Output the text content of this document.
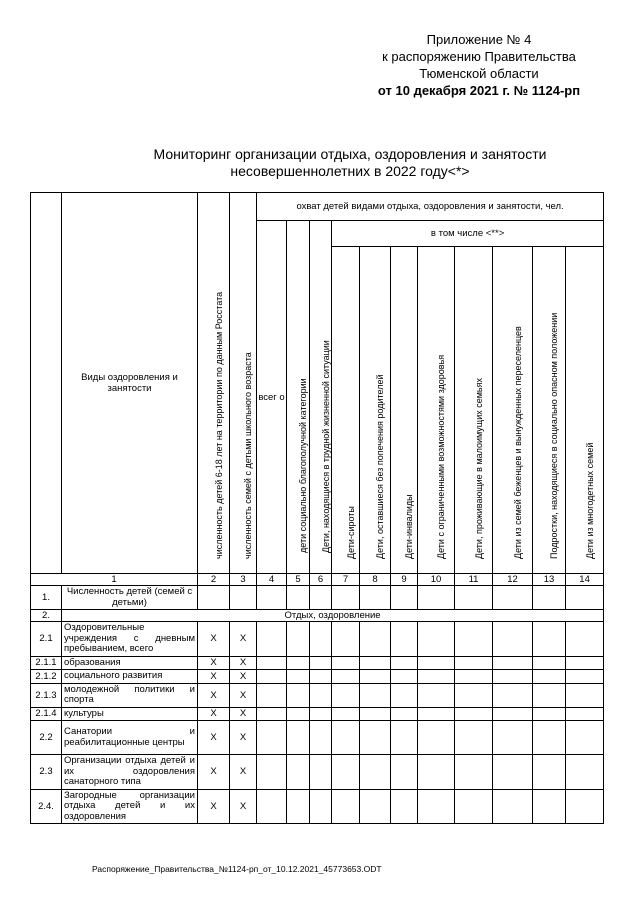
Приложение № 4
к распоряжению Правительства
Тюменской области
от 10 декабря 2021 г. № 1124-рп
Мониторинг организации отдыха, оздоровления и занятости
несовершеннолетних в 2022 году<*>
	Виды оздоровления и занятости	численность детей 6-18 лет на территории по данным Росстата	численность семей с детьми школьного возраста	охват детей видами отдыха, оздоровления и занятости, чел.										
				всег о	дети социально благополучной категории	Дети, находящиеся в трудной жизненной ситуации	в том числе <**>							

							Дети-сироты	Дети, оставшиеся без попечения родителей	Дети-инвалиды	Дети с ограниченными возможностями здоровья	Дети, проживающие в малоимущих семьях	Дети из семей беженцев и вынужденных переселенцев	Подростки, находящиеся в социально опасном положении	Дети из многодетных семей

1		2	3	4	5	6	7	8	9	10	11	12	13	14
1.	Численность детей (семей с детьми)													
2.	Отдых, оздоровление													
2.1	Оздоровительные учреждения с дневным пребыванием, всего	Х	Х											
2.1.1	образования	Х	Х											
2.1.2	социального развития	Х	Х											
2.1.3	молодежной политики и спорта	Х	Х											
2.1.4	культуры	Х	Х											
2.2	Санатории и реабилитационные центры	Х	Х											
2.3	Организации отдыха детей и их оздоровления санаторного типа	Х	Х											
2.4.	Загородные организации отдыха детей и их оздоровления	Х	Х											
Распоряжение_Правительства_№1124-рп_от_10.12.2021_45773653.ODT
